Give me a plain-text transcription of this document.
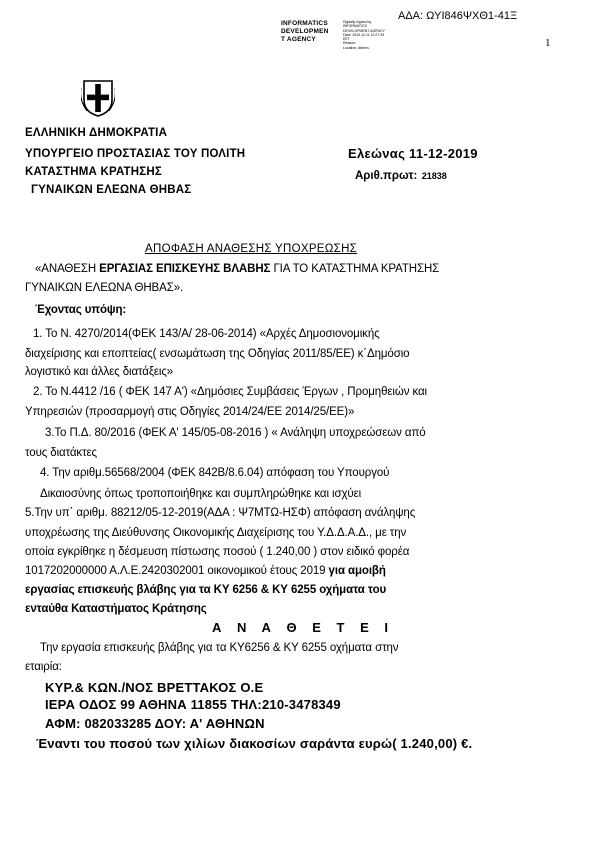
ΑΔΑ: ΩΥΙ846ΨΧΘ1-41Ξ
1
INFORMATICS
DEVELOPMEN
T AGENCY
Digitally signed by
INFORMATICS
DEVELOPMENT AGENCY
Date: 2019.12.11 12:27:39
EET
Reason:
Location: Athens
ΕΛΛΗΝΙΚΗ ΔΗΜΟΚΡΑΤΙΑ
ΥΠΟΥΡΓΕΙΟ ΠΡΟΣΤΑΣΙΑΣ ΤΟΥ ΠΟΛΙΤΗ
ΚΑΤΑΣΤΗΜΑ ΚΡΑΤΗΣΗΣ
ΓΥΝΑΙΚΩΝ ΕΛΕΩΝΑ ΘΗΒΑΣ
Ελεώνας 11-12-2019
Αριθ.πρωτ: 21838
ΑΠΟΦΑΣΗ ΑΝΑΘΕΣΗΣ ΥΠΟΧΡΕΩΣΗΣ
«ΑΝΑΘΕΣΗ ΕΡΓΑΣΙΑΣ ΕΠΙΣΚΕΥΗΣ ΒΛΑΒΗΣ ΓΙΑ ΤΟ ΚΑΤΑΣΤΗΜΑ ΚΡΑΤΗΣΗΣ
ΓΥΝΑΙΚΩΝ ΕΛΕΩΝΑ ΘΗΒΑΣ».
Έχοντας υπόψη:
1. Το Ν. 4270/2014(ΦΕΚ 143/Α/ 28-06-2014) «Αρχές Δημοσιονομικής
διαχείρισης και εποπτείας( ενσωμάτωση της Οδηγίας 2011/85/ΕΕ) κ΄Δημόσιο
λογιστικό και άλλες διατάξεις»
2. Το Ν.4412 /16 ( ΦΕΚ 147 Α') «Δημόσιες Συμβάσεις Έργων , Προμηθειών και
Υπηρεσιών (προσαρμογή στις Οδηγίες 2014/24/ΕΕ 2014/25/ΕΕ)»
3.Το Π.Δ. 80/2016 (ΦΕΚ Α' 145/05-08-2016 ) « Ανάληψη υποχρεώσεων από
τους διατάκτες
4. Την αριθμ.56568/2004 (ΦΕΚ 842Β/8.6.04) απόφαση του Υπουργού
Δικαιοσύνης όπως τροποποιήθηκε και συμπληρώθηκε και ισχύει
5.Την υπ΄ αριθμ. 88212/05-12-2019(ΑΔΑ : Ψ7ΜΤΩ-ΗΣΦ) απόφαση ανάληψης
υποχρέωσης της Διεύθυνσης Οικονομικής Διαχείρισης του Υ.Δ.Δ.Α.Δ., με την
οποία εγκρίθηκε η δέσμευση πίστωσης ποσού ( 1.240,00 ) στον ειδικό φορέα
1017202000000 Α.Λ.Ε.2420302001 οικονομικού έτους 2019 για αμοιβή
εργασίας επισκευής βλάβης για τα ΚΥ 6256 & ΚΥ 6255 οχήματα του
ενταύθα Καταστήματος Κράτησης
Α Ν Α Θ Ε Τ Ε Ι
Την εργασία επισκευής βλάβης για τα ΚΥ6256 & ΚΥ 6255 οχήματα στην
εταιρία:
ΚΥΡ.& ΚΩΝ./ΝΟΣ ΒΡΕΤΤΑΚΟΣ Ο.Ε
ΙΕΡΑ ΟΔΟΣ 99 ΑΘΗΝΑ 11855 ΤΗΛ:210-3478349
ΑΦΜ: 082033285 ΔΟΥ: Α' ΑΘΗΝΩΝ
Έναντι του ποσού των χιλίων διακοσίων σαράντα ευρώ( 1.240,00) €.
